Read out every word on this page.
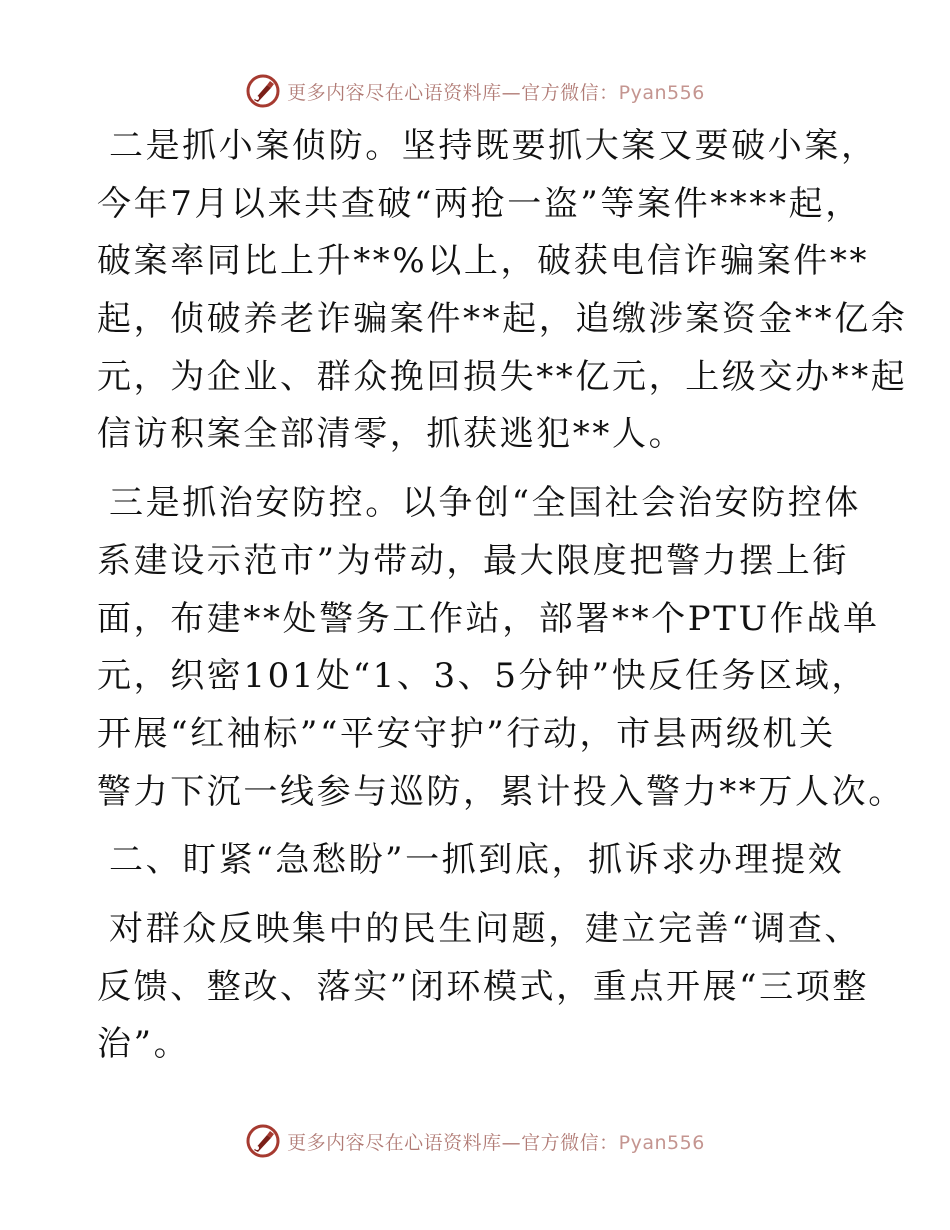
更多内容尽在心语资料库—官方微信：Pyan556

二是抓小案侦防。坚持既要抓大案又要破小案，
今年7月以来共查破“两抢一盗”等案件****起，
破案率同比上升**%以上，破获电信诈骗案件**
起，侦破养老诈骗案件**起，追缴涉案资金**亿余
元，为企业、群众挽回损失**亿元，上级交办**起
信访积案全部清零，抓获逃犯**人。

三是抓治安防控。以争创“全国社会治安防控体
系建设示范市”为带动，最大限度把警力摆上街
面，布建**处警务工作站，部署**个PTU作战单
元，织密101处“1、3、5分钟”快反任务区域，
开展“红袖标”“平安守护”行动，市县两级机关
警力下沉一线参与巡防，累计投入警力**万人次。

二、盯紧“急愁盼”一抓到底，抓诉求办理提效

对群众反映集中的民生问题，建立完善“调查、
反馈、整改、落实”闭环模式，重点开展“三项整
治”。

更多内容尽在心语资料库—官方微信：Pyan556
